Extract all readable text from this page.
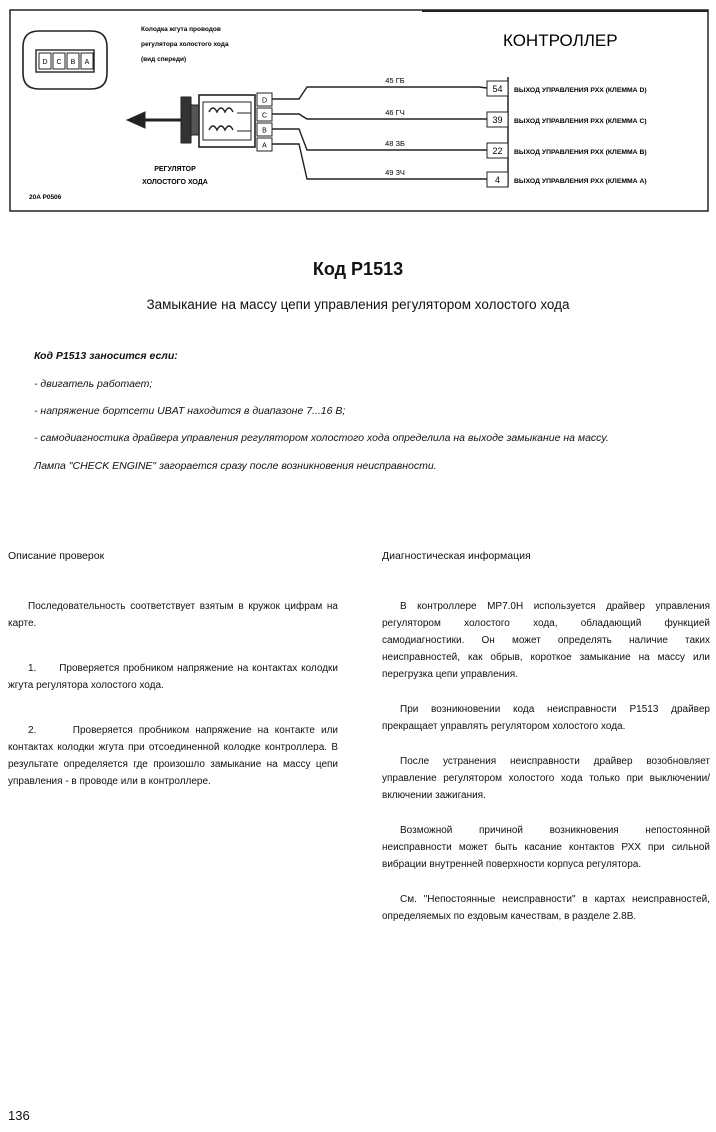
D C B A
Колодка жгута проводов
регулятора холостого хода
(вид спереди)
КОНТРОЛЛЕР
D
C
B
A
45 ГБ
46 ГЧ
48 ЗБ
49 ЗЧ
54
39
22
4
ВЫХОД УПРАВЛЕНИЯ РХХ (КЛЕММА D)
ВЫХОД УПРАВЛЕНИЯ РХХ (КЛЕММА С)
ВЫХОД УПРАВЛЕНИЯ РХХ (КЛЕММА В)
ВЫХОД УПРАВЛЕНИЯ РХХ (КЛЕММА А)
РЕГУЛЯТОР
ХОЛОСТОГО ХОДА
20A P0506
Код Р1513
Замыкание на массу цепи управления регулятором холостого хода
Код Р1513 заносится если:
- двигатель работает;
- напряжение бортсети UBAT находится в диапазоне 7...16 В;
- самодиагностика драйвера управления регулятором холостого хода определила на выходе замыкание на массу.
Лампа "CHECK ENGINE" загорается сразу после возникновения неисправности.
Описание проверок

Последовательность соответствует взятым в кружок цифрам на карте.

1.      Проверяется пробником напряжение на контактах колодки жгута регулятора холостого хода.

2.      Проверяется пробником напряжение на контакте или контактах колодки жгута при отсоединенной колодке контроллера. В результате определяется где произошло замыкание на массу цепи управления - в проводе или в контроллере.

Диагностическая информация

В контроллере МР7.0Н используется драйвер управления регулятором холостого хода, обладающий функцией самодиагностики. Он может определять наличие таких неисправностей, как обрыв, короткое замыкание на массу или перегрузка цепи управления.

При возникновении кода неисправности Р1513 драйвер прекращает управлять регулятором холостого хода.

После устранения неисправности драйвер возобновляет управление регулятором холостого хода только при выключении/включении зажигания.

Возможной причиной возникновения непостоянной неисправности может быть касание контактов РХХ при сильной вибрации внутренней поверхности корпуса регулятора.

См. "Непостоянные неисправности" в картах неисправностей, определяемых по ездовым качествам, в разделе 2.8В.

136
